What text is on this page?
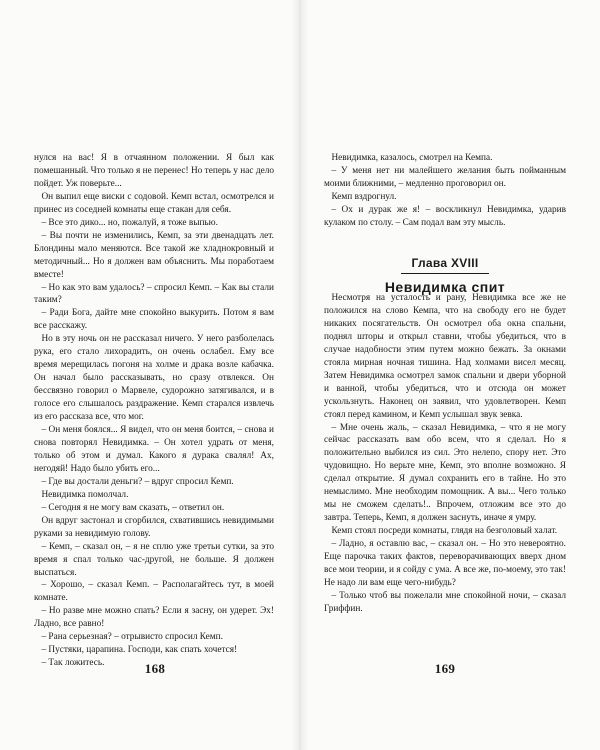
нулся на вас! Я в отчаянном положении. Я был как помешанный. Что только я не перенес! Но теперь у нас дело пойдет. Уж поверьте...

Он выпил еще виски с содовой. Кемп встал, осмотрелся и принес из соседней комнаты еще стакан для себя.

– Все это дико... но, пожалуй, я тоже выпью.

– Вы почти не изменились, Кемп, за эти двенадцать лет. Блондины мало меняются. Все такой же хладнокровный и методичный... Но я должен вам объяснить. Мы поработаем вместе!

– Но как это вам удалось? – спросил Кемп. – Как вы стали таким?

– Ради Бога, дайте мне спокойно выкурить. Потом я вам все расскажу.

Но в эту ночь он не рассказал ничего. У него разболелась рука, его стало лихорадить, он очень ослабел. Ему все время мерещилась погоня на холме и драка возле кабачка. Он начал было рассказывать, но сразу отвлекся. Он бессвязно говорил о Марвеле, судорожно затягивался, и в голосе его слышалось раздражение. Кемп старался извлечь из его рассказа все, что мог.

– Он меня боялся... Я видел, что он меня боится, – снова и снова повторял Невидимка. – Он хотел удрать от меня, только об этом и думал. Какого я дурака свалял! Ах, негодяй! Надо было убить его...

– Где вы достали деньги? – вдруг спросил Кемп.

Невидимка помолчал.

– Сегодня я не могу вам сказать, – ответил он.

Он вдруг застонал и сгорбился, схватившись невидимыми руками за невидимую голову.

– Кемп, – сказал он, – я не сплю уже третьи сутки, за это время я спал только час-другой, не больше. Я должен выспаться.

– Хорошо, – сказал Кемп. – Располагайтесь тут, в моей комнате.

– Но разве мне можно спать? Если я засну, он удерет. Эх! Ладно, все равно!

– Рана серьезная? – отрывисто спросил Кемп.

– Пустяки, царапина. Господи, как спать хочется!

– Так ложитесь.	168

Невидимка, казалось, смотрел на Кемпа.

– У меня нет ни малейшего желания быть пойманным моими ближними, – медленно проговорил он.

Кемп вздрогнул.

– Ох и дурак же я! – воскликнул Невидимка, ударив кулаком по столу. – Сам подал вам эту мысль.

Глава XVIII
Невидимка спит

Несмотря на усталость и рану, Невидимка все же не положился на слово Кемпа, что на свободу его не будет никаких посягательств. Он осмотрел оба окна спальни, поднял шторы и открыл ставни, чтобы убедиться, что в случае надобности этим путем можно бежать. За окнами стояла мирная ночная тишина. Над холмами висел месяц. Затем Невидимка осмотрел замок спальни и двери уборной и ванной, чтобы убедиться, что и отсюда он может ускользнуть. Наконец он заявил, что удовлетворен. Кемп стоял перед камином, и Кемп услышал звук зевка.

– Мне очень жаль, – сказал Невидимка, – что я не могу сейчас рассказать вам обо всем, что я сделал. Но я положительно выбился из сил. Это нелепо, спору нет. Это чудовищно. Но верьте мне, Кемп, это вполне возможно. Я сделал открытие. Я думал сохранить его в тайне. Но это немыслимо. Мне необходим помощник. А вы... Чего только мы не сможем сделать!.. Впрочем, отложим все это до завтра. Теперь, Кемп, я должен заснуть, иначе я умру.

Кемп стоял посреди комнаты, глядя на безголовый халат.

– Ладно, я оставлю вас, – сказал он. – Но это невероятно. Еще парочка таких фактов, переворачивающих вверх дном все мои теории, и я сойду с ума. А все же, по-моему, это так! Не надо ли вам еще чего-нибудь?

– Только чтоб вы пожелали мне спокойной ночи, – сказал Гриффин.

169
